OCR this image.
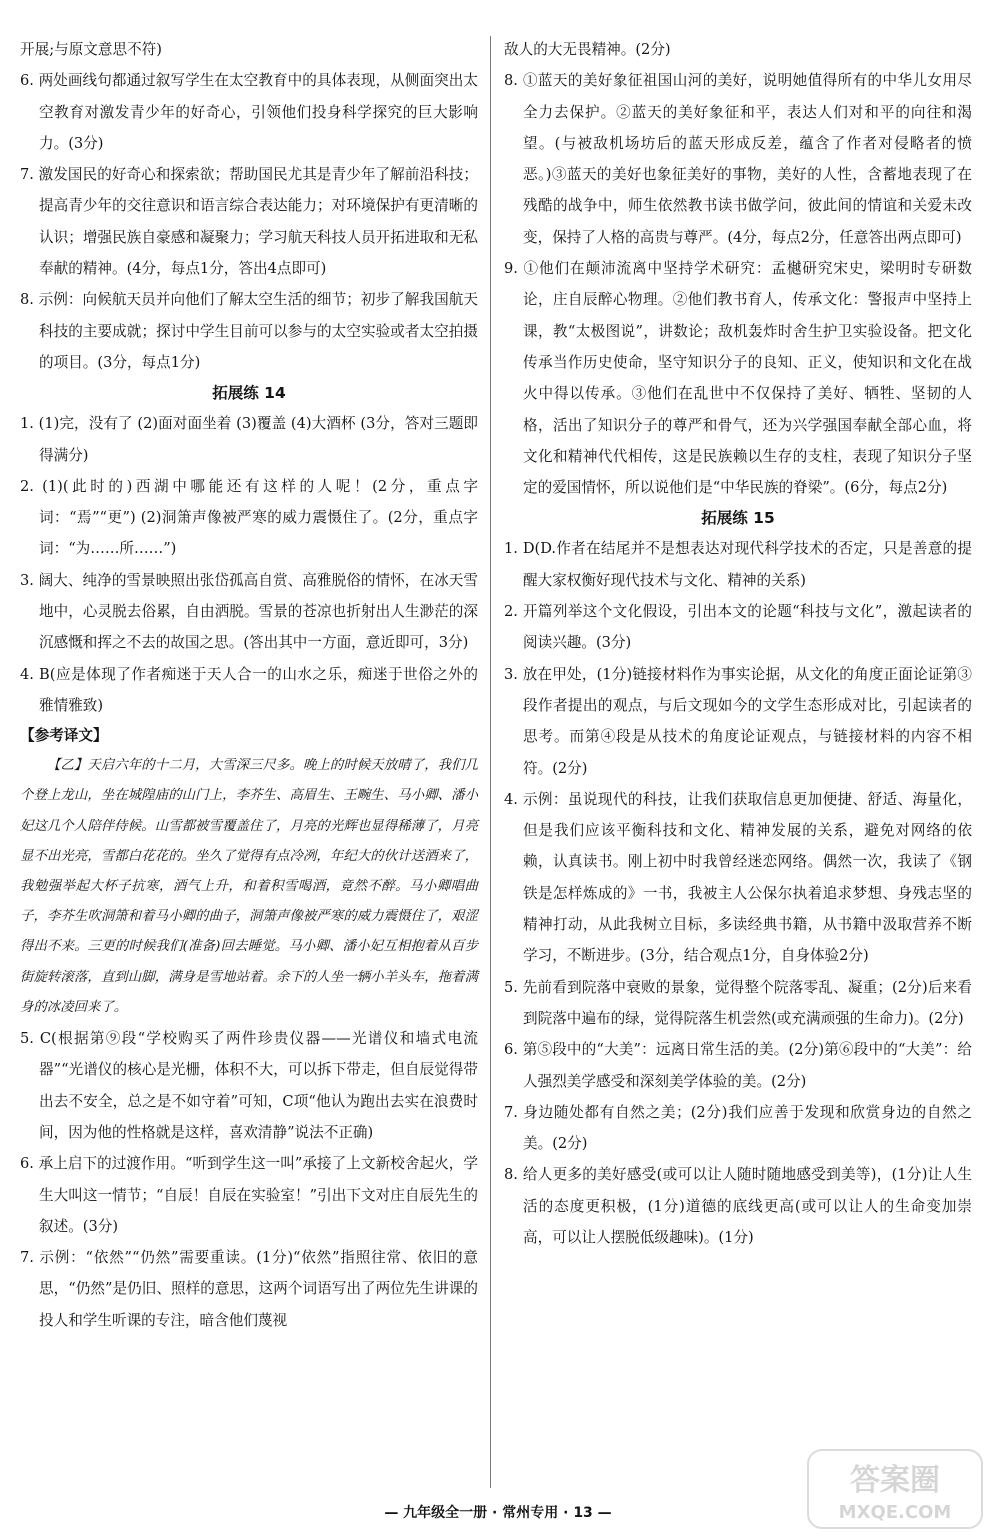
开展;与原文意思不符)
6. 两处画线句都通过叙写学生在太空教育中的具体表现，从侧面突出太空教育对激发青少年的好奇心，引领他们投身科学探究的巨大影响力。(3分)
7. 激发国民的好奇心和探索欲；帮助国民尤其是青少年了解前沿科技；提高青少年的交往意识和语言综合表达能力；对环境保护有更清晰的认识；增强民族自豪感和凝聚力；学习航天科技人员开拓进取和无私奉献的精神。(4分，每点1分，答出4点即可)
8. 示例：向候航天员并向他们了解太空生活的细节；初步了解我国航天科技的主要成就；探讨中学生目前可以参与的太空实验或者太空拍摄的项目。(3分，每点1分)
拓展练 14
1. (1)完，没有了 (2)面对面坐着 (3)覆盖 (4)大酒杯 (3分，答对三题即得满分)
2. (1)(此时的)西湖中哪能还有这样的人呢！(2分，重点字词：“焉”“更”) (2)洞箫声像被严寒的威力震慑住了。(2分，重点字词：“为……所……”)
3. 阔大、纯净的雪景映照出张岱孤高自赏、高雅脱俗的情怀，在冰天雪地中，心灵脱去俗累，自由洒脱。雪景的苍凉也折射出人生渺茫的深沉感慨和挥之不去的故国之思。(答出其中一方面，意近即可，3分)
4. B(应是体现了作者痴迷于天人合一的山水之乐，痴迷于世俗之外的雅情雅致)
【参考译文】
【乙】天启六年的十二月，大雪深三尺多。晚上的时候天放晴了，我们几个登上龙山，坐在城隍庙的山门上，李芥生、高眉生、王畹生、马小卿、潘小妃这几个人陪伴侍候。山雪都被雪覆盖住了，月亮的光辉也显得稀薄了，月亮显不出光亮，雪都白花花的。坐久了觉得有点冷冽，年纪大的伙计送酒来了，我勉强举起大杯子抗寒，酒气上升，和着积雪喝酒，竟然不醉。马小卿唱曲子，李芥生吹洞箫和着马小卿的曲子，洞箫声像被严寒的威力震慑住了，艰涩得出不来。三更的时候我们(准备)回去睡觉。马小卿、潘小妃互相抱着从百步街旋转滚落，直到山脚，满身是雪地站着。余下的人坐一辆小羊头车，拖着满身的冰凌回来了。
5. C(根据第⑨段“学校购买了两件珍贵仪器——光谱仪和墙式电流器”“光谱仪的核心是光栅，体积不大，可以拆下带走，但自辰觉得带出去不安全，总之是不如守着”可知，C项“他认为跑出去实在浪费时间，因为他的性格就是这样，喜欢清静”说法不正确)
6. 承上启下的过渡作用。“听到学生这一叫”承接了上文新校舍起火，学生大叫这一情节；“自辰！自辰在实验室！”引出下文对庄自辰先生的叙述。(3分)
7. 示例：“依然”“仍然”需要重读。(1分)“依然”指照往常、依旧的意思，“仍然”是仍旧、照样的意思，这两个词语写出了两位先生讲课的投人和学生听课的专注，暗含他们蔑视
敌人的大无畏精神。(2分)
8. ①蓝天的美好象征祖国山河的美好，说明她值得所有的中华儿女用尽全力去保护。②蓝天的美好象征和平，表达人们对和平的向往和渴望。(与被敌机场坊后的蓝天形成反差，蕴含了作者对侵略者的愤恶。)③蓝天的美好也象征美好的事物，美好的人性，含蓄地表现了在残酷的战争中，师生依然教书读书做学问，彼此间的情谊和关爱未改变，保持了人格的高贵与尊严。(4分，每点2分，任意答出两点即可)
9. ①他们在颠沛流离中坚持学术研究：孟樾研究宋史，梁明时专研数论，庄自辰醉心物理。②他们教书育人，传承文化：警报声中坚持上课，教“太极图说”，讲数论；敌机轰炸时舍生护卫实验设备。把文化传承当作历史使命，坚守知识分子的良知、正义，使知识和文化在战火中得以传承。③他们在乱世中不仅保持了美好、牺牲、坚韧的人格，活出了知识分子的尊严和骨气，还为兴学强国奉献全部心血，将文化和精神代代相传，这是民族赖以生存的支柱，表现了知识分子坚定的爱国情怀，所以说他们是“中华民族的脊梁”。(6分，每点2分)
拓展练 15
1. D(D.作者在结尾并不是想表达对现代科学技术的否定，只是善意的提醒大家权衡好现代技术与文化、精神的关系)
2. 开篇列举这个文化假设，引出本文的论题“科技与文化”，激起读者的阅读兴趣。(3分)
3. 放在甲处，(1分)链接材料作为事实论据，从文化的角度正面论证第③段作者提出的观点，与后文现如今的文学生态形成对比，引起读者的思考。而第④段是从技术的角度论证观点，与链接材料的内容不相符。(2分)
4. 示例：虽说现代的科技，让我们获取信息更加便捷、舒适、海量化，但是我们应该平衡科技和文化、精神发展的关系，避免对网络的依赖，认真读书。刚上初中时我曾经迷恋网络。偶然一次，我读了《钢铁是怎样炼成的》一书，我被主人公保尔执着追求梦想、身残志坚的精神打动，从此我树立目标，多读经典书籍，从书籍中汲取营养不断学习，不断进步。(3分，结合观点1分，自身体验2分)
5. 先前看到院落中衰败的景象，觉得整个院落零乱、凝重；(2分)后来看到院落中遍布的绿，觉得院落生机尝然(或充满顽强的生命力)。(2分)
6. 第⑤段中的“大美”：远离日常生活的美。(2分)第⑥段中的“大美”：给人强烈美学感受和深刻美学体验的美。(2分)
7. 身边随处都有自然之美；(2分)我们应善于发现和欣赏身边的自然之美。(2分)
8. 给人更多的美好感受(或可以让人随时随地感受到美等)，(1分)让人生活的态度更积极，(1分)道德的底线更高(或可以让人的生命变加崇高，可以让人摆脱低级趣味)。(1分)
— 九年级全一册 · 常州专用 · 13 —
答案圈
MXQE.COM
